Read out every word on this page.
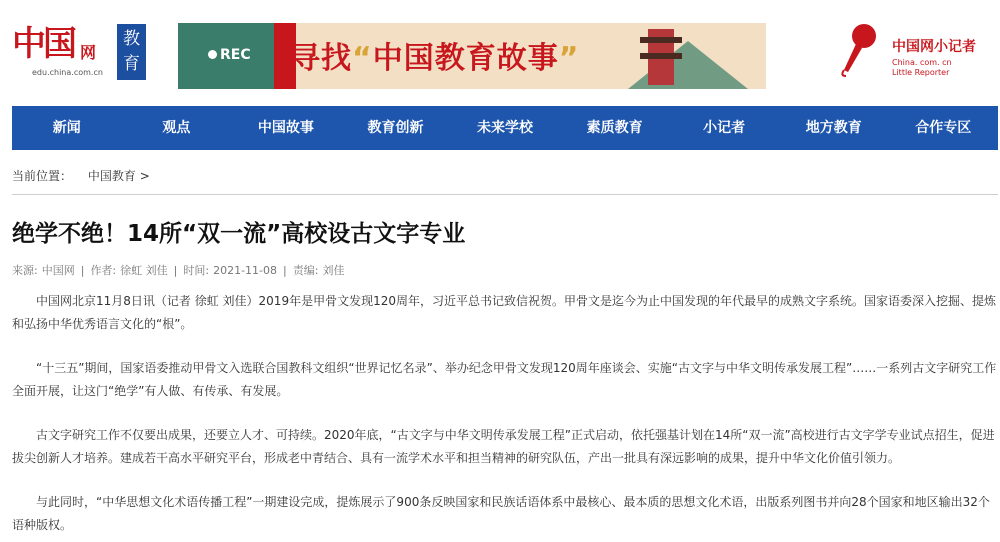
中国 网
edu.china.com.cn
教育	REC 寻找“中国教育故事”	中国网小记者
China. com. cn
Little Reporter
新闻	观点	中国故事	教育创新	未来学校	素质教育	小记者	地方教育	合作专区
当前位置： 中国教育 >
绝学不绝！14所“双一流”高校设古文字专业
来源: 中国网 | 作者: 徐虹 刘佳 | 时间: 2021-11-08 | 责编: 刘佳

中国网北京11月8日讯（记者 徐虹 刘佳）2019年是甲骨文发现120周年，习近平总书记致信祝贺。甲骨文是迄今为止中国发现的年代最早的成熟文字系统。国家语委深入挖掘、提炼和弘扬中华优秀语言文化的“根”。

“十三五”期间，国家语委推动甲骨文入选联合国教科文组织“世界记忆名录”、举办纪念甲骨文发现120周年座谈会、实施“古文字与中华文明传承发展工程”……一系列古文字研究工作全面开展，让这门“绝学”有人做、有传承、有发展。

古文字研究工作不仅要出成果，还要立人才、可持续。2020年底，“古文字与中华文明传承发展工程”正式启动，依托强基计划在14所“双一流”高校进行古文字学专业试点招生，促进拔尖创新人才培养。建成若干高水平研究平台，形成老中青结合、具有一流学术水平和担当精神的研究队伍，产出一批具有深远影响的成果，提升中华文化价值引领力。

与此同时，“中华思想文化术语传播工程”一期建设完成，提炼展示了900条反映国家和民族话语体系中最核心、最本质的思想文化术语，出版系列图书并向28个国家和地区输出32个语种版权。
